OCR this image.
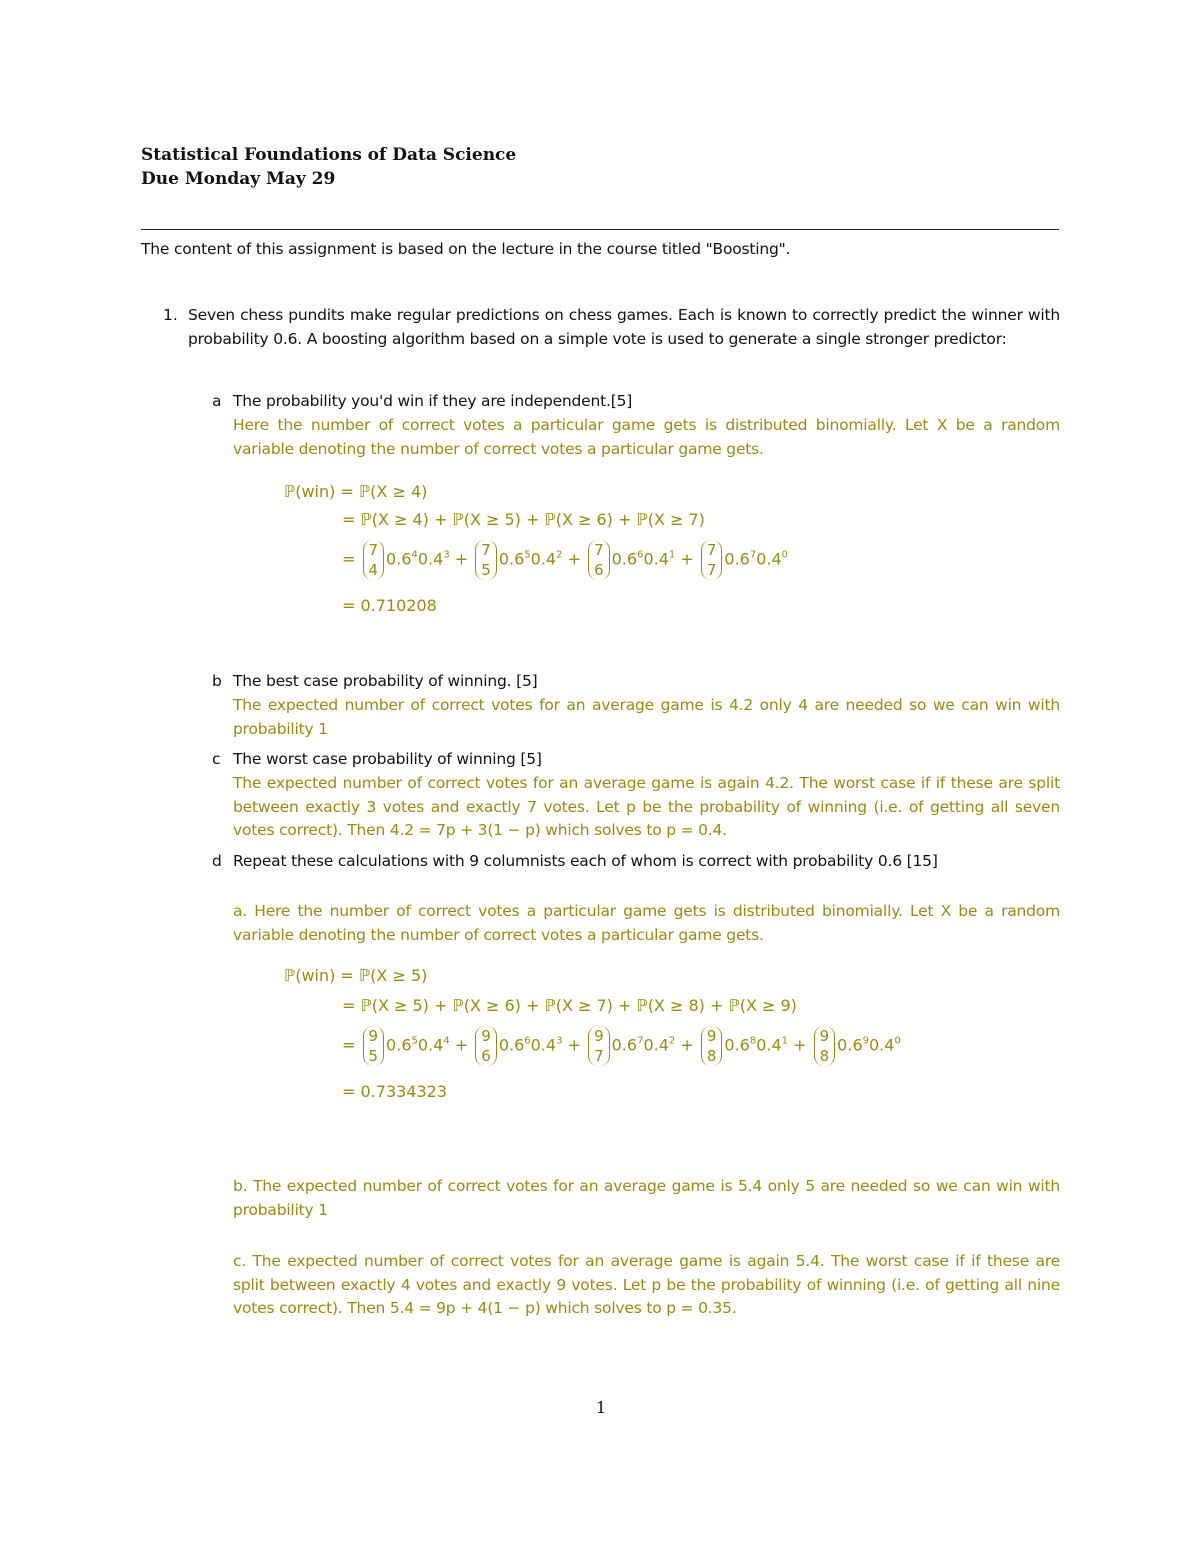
Statistical Foundations of Data Science
Due Monday May 29
The content of this assignment is based on the lecture in the course titled "Boosting".
1. Seven chess pundits make regular predictions on chess games. Each is known to correctly predict the winner with probability 0.6. A boosting algorithm based on a simple vote is used to generate a single stronger predictor:
a The probability you'd win if they are independent.[5]
Here the number of correct votes a particular game gets is distributed binomially. Let X be a random variable denoting the number of correct votes a particular game gets.
ℙ(win) = ℙ(X ≥ 4)
= ℙ(X ≥ 4) + ℙ(X ≥ 5) + ℙ(X ≥ 6) + ℙ(X ≥ 7)
= 7
4
$0.6^40.4^3 + 7$
5
$0.6^50.4^2 + 7$
6
$0.6^60.4^1 + 7$
7
$0.6^70.4^0$
= 0.710208
b The best case probability of winning. [5]
The expected number of correct votes for an average game is 4.2 only 4 are needed so we can win with probability 1
c The worst case probability of winning [5]
The expected number of correct votes for an average game is again 4.2. The worst case if if these are split between exactly 3 votes and exactly 7 votes. Let p be the probability of winning (i.e. of getting all seven votes correct). Then 4.2 = 7p + 3(1 − p) which solves to p = 0.4.
d Repeat these calculations with 9 columnists each of whom is correct with probability 0.6 [15]
a. Here the number of correct votes a particular game gets is distributed binomially. Let X be a random variable denoting the number of correct votes a particular game gets.
ℙ(win) = ℙ(X ≥ 5)
= ℙ(X ≥ 5) + ℙ(X ≥ 6) + ℙ(X ≥ 7) + ℙ(X ≥ 8) + ℙ(X ≥ 9)
= 9
5
$0.6^50.4^4 + 9$
6
$0.6^60.4^3 + 9$
7
$0.6^70.4^2 + 9$
8
$0.6^80.4^1 + 9$
8
$0.6^90.4^0$
= 0.7334323
b. The expected number of correct votes for an average game is 5.4 only 5 are needed so we can win with probability 1
c. The expected number of correct votes for an average game is again 5.4. The worst case if if these are split between exactly 4 votes and exactly 9 votes. Let p be the probability of winning (i.e. of getting all nine votes correct). Then 5.4 = 9p + 4(1 − p) which solves to p = 0.35.
1
